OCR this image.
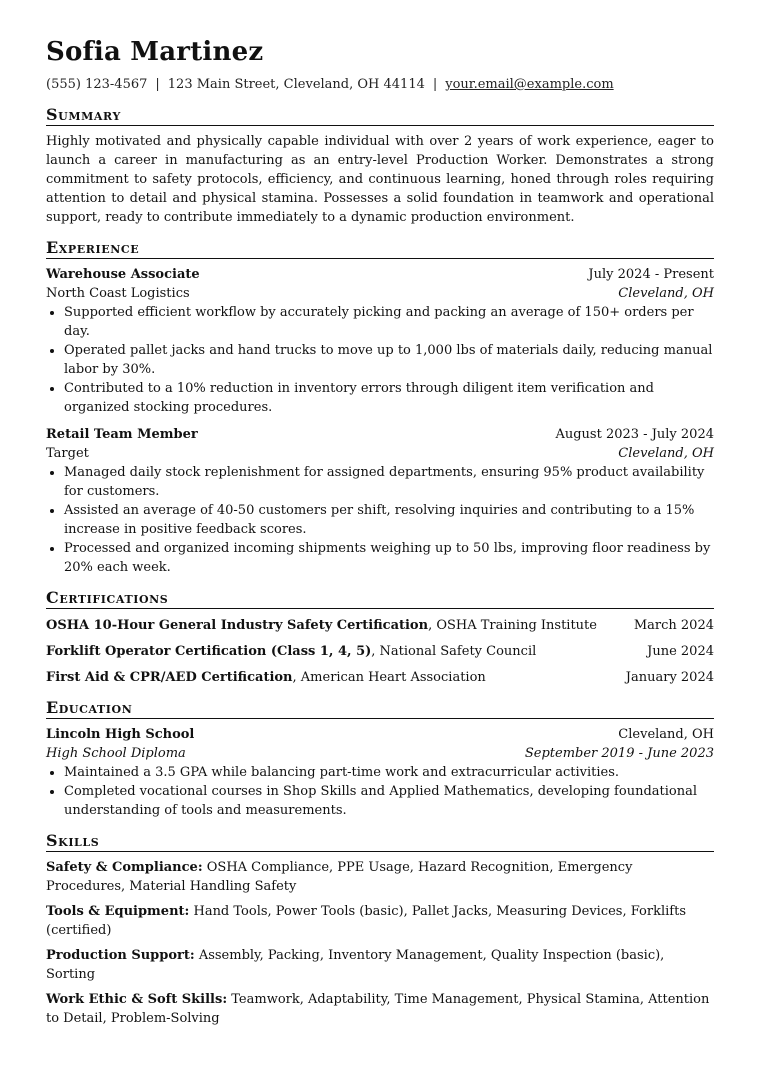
Sofia Martinez
(555) 123-4567 | 123 Main Street, Cleveland, OH 44114 | your.email@example.com
Summary
Highly motivated and physically capable individual with over 2 years of work experience, eager to launch a career in manufacturing as an entry-level Production Worker. Demonstrates a strong commitment to safety protocols, efficiency, and continuous learning, honed through roles requiring attention to detail and physical stamina. Possesses a solid foundation in teamwork and operational support, ready to contribute immediately to a dynamic production environment.
Experience
Warehouse Associate	July 2024 - Present
North Coast Logistics	Cleveland, OH
• Supported efficient workflow by accurately picking and packing an average of 150+ orders per day.
• Operated pallet jacks and hand trucks to move up to 1,000 lbs of materials daily, reducing manual labor by 30%.
• Contributed to a 10% reduction in inventory errors through diligent item verification and organized stocking procedures.
Retail Team Member	August 2023 - July 2024
Target	Cleveland, OH
• Managed daily stock replenishment for assigned departments, ensuring 95% product availability for customers.
• Assisted an average of 40-50 customers per shift, resolving inquiries and contributing to a 15% increase in positive feedback scores.
• Processed and organized incoming shipments weighing up to 50 lbs, improving floor readiness by 20% each week.
Certifications
OSHA 10-Hour General Industry Safety Certification, OSHA Training Institute	March 2024
Forklift Operator Certification (Class 1, 4, 5), National Safety Council	June 2024
First Aid & CPR/AED Certification, American Heart Association	January 2024
Education
Lincoln High School	Cleveland, OH
High School Diploma	September 2019 - June 2023
• Maintained a 3.5 GPA while balancing part-time work and extracurricular activities.
• Completed vocational courses in Shop Skills and Applied Mathematics, developing foundational understanding of tools and measurements.
Skills
Safety & Compliance: OSHA Compliance, PPE Usage, Hazard Recognition, Emergency Procedures, Material Handling Safety
Tools & Equipment: Hand Tools, Power Tools (basic), Pallet Jacks, Measuring Devices, Forklifts (certified)
Production Support: Assembly, Packing, Inventory Management, Quality Inspection (basic), Sorting
Work Ethic & Soft Skills: Teamwork, Adaptability, Time Management, Physical Stamina, Attention to Detail, Problem-Solving
